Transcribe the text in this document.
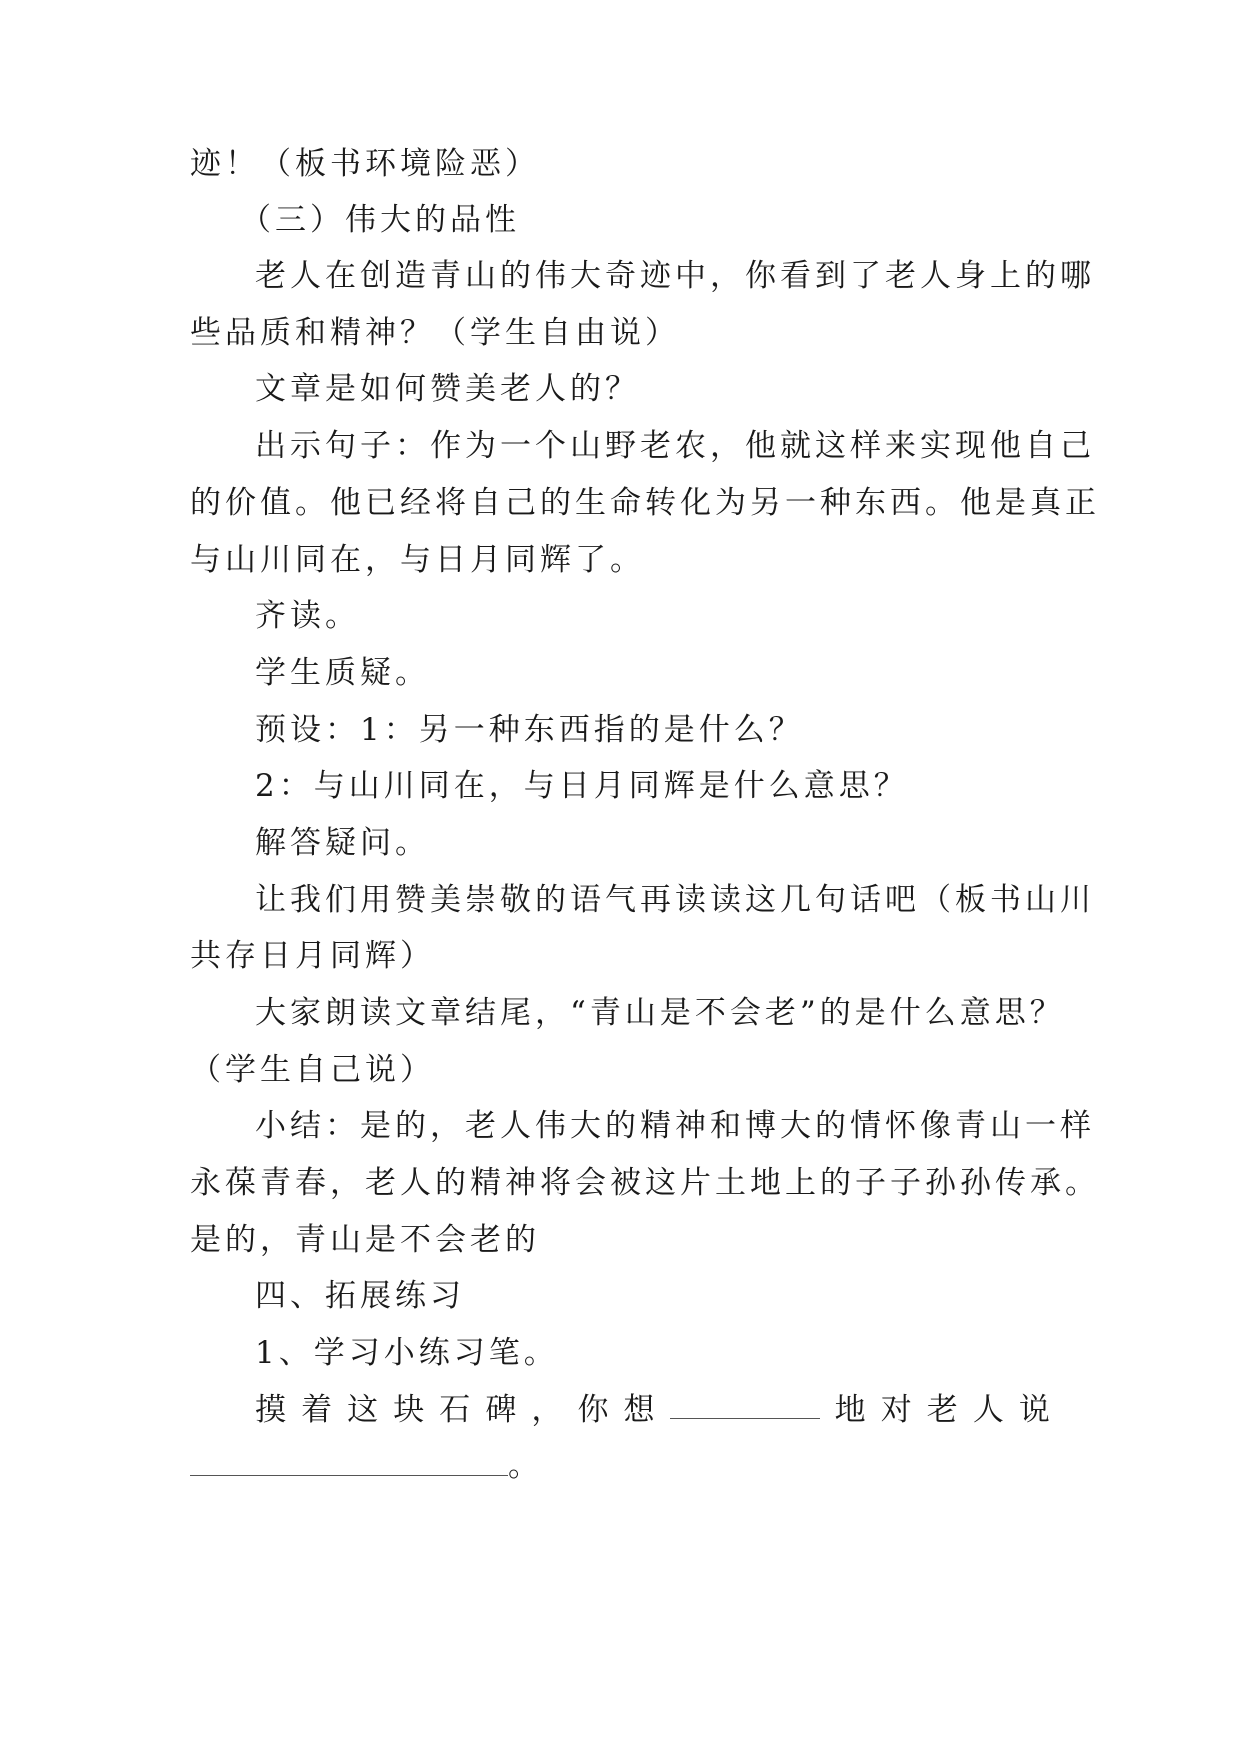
迹！（板书环境险恶）
（三）伟大的品性
老人在创造青山的伟大奇迹中，你看到了老人身上的哪
些品质和精神？（学生自由说）
文章是如何赞美老人的？
出示句子：作为一个山野老农，他就这样来实现他自己
的价值。他已经将自己的生命转化为另一种东西。他是真正
与山川同在，与日月同辉了。
齐读。
学生质疑。
预设：1：另一种东西指的是什么？
2：与山川同在，与日月同辉是什么意思？
解答疑问。
让我们用赞美崇敬的语气再读读这几句话吧（板书山川
共存日月同辉）
大家朗读文章结尾，“青山是不会老”的是什么意思？
（学生自己说）
小结：是的，老人伟大的精神和博大的情怀像青山一样
永葆青春，老人的精神将会被这片土地上的子子孙孙传承。
是的，青山是不会老的
四、拓展练习
1、学习小练习笔。
摸 着 这 块 石 碑 ， 你 想	地 对 老 人 说
。
